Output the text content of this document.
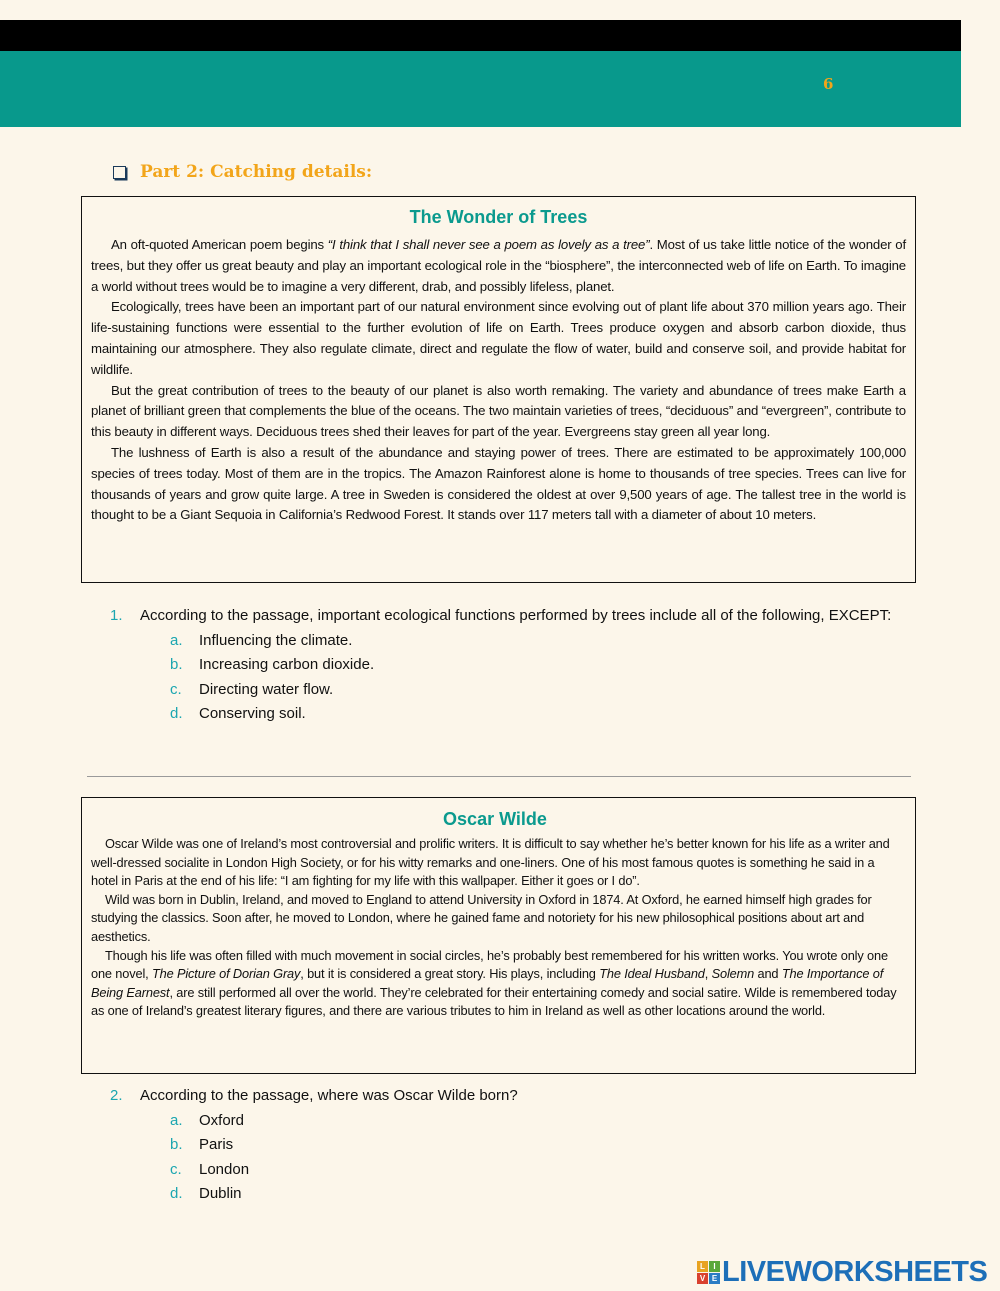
6
Part 2: Catching details:
The Wonder of Trees

An oft-quoted American poem begins “I think that I shall never see a poem as lovely as a tree”. Most of us take little notice of the wonder of trees, but they offer us great beauty and play an important ecological role in the “biosphere”, the interconnected web of life on Earth. To imagine a world without trees would be to imagine a very different, drab, and possibly lifeless, planet.

Ecologically, trees have been an important part of our natural environment since evolving out of plant life about 370 million years ago. Their life-sustaining functions were essential to the further evolution of life on Earth. Trees produce oxygen and absorb carbon dioxide, thus maintaining our atmosphere. They also regulate climate, direct and regulate the flow of water, build and conserve soil, and provide habitat for wildlife.

But the great contribution of trees to the beauty of our planet is also worth remaking. The variety and abundance of trees make Earth a planet of brilliant green that complements the blue of the oceans. The two maintain varieties of trees, “deciduous” and “evergreen”, contribute to this beauty in different ways. Deciduous trees shed their leaves for part of the year. Evergreens stay green all year long.

The lushness of Earth is also a result of the abundance and staying power of trees. There are estimated to be approximately 100,000 species of trees today. Most of them are in the tropics. The Amazon Rainforest alone is home to thousands of tree species. Trees can live for thousands of years and grow quite large. A tree in Sweden is considered the oldest at over 9,500 years of age. The tallest tree in the world is thought to be a Giant Sequoia in California’s Redwood Forest. It stands over 117 meters tall with a diameter of about 10 meters.

1. According to the passage, important ecological functions performed by trees include all of the following, EXCEPT:
a. Influencing the climate.
b. Increasing carbon dioxide.
c. Directing water flow.
d. Conserving soil.
Oscar Wilde

Oscar Wilde was one of Ireland’s most controversial and prolific writers. It is difficult to say whether he’s better known for his life as a writer and well-dressed socialite in London High Society, or for his witty remarks and one-liners. One of his most famous quotes is something he said in a hotel in Paris at the end of his life: “I am fighting for my life with this wallpaper. Either it goes or I do”.

Wild was born in Dublin, Ireland, and moved to England to attend University in Oxford in 1874. At Oxford, he earned himself high grades for studying the classics. Soon after, he moved to London, where he gained fame and notoriety for his new philosophical positions about art and aesthetics.

Though his life was often filled with much movement in social circles, he’s probably best remembered for his written works. You wrote only one one novel, The Picture of Dorian Gray, but it is considered a great story. His plays, including The Ideal Husband, Solemn and The Importance of Being Earnest, are still performed all over the world. They’re celebrated for their entertaining comedy and social satire. Wilde is remembered today as one of Ireland’s greatest literary figures, and there are various tributes to him in Ireland as well as other locations around the world.

2. According to the passage, where was Oscar Wilde born?
a. Oxford
b. Paris
c. London
d. Dublin
L	I
V E LIVEWORKSHEETS
